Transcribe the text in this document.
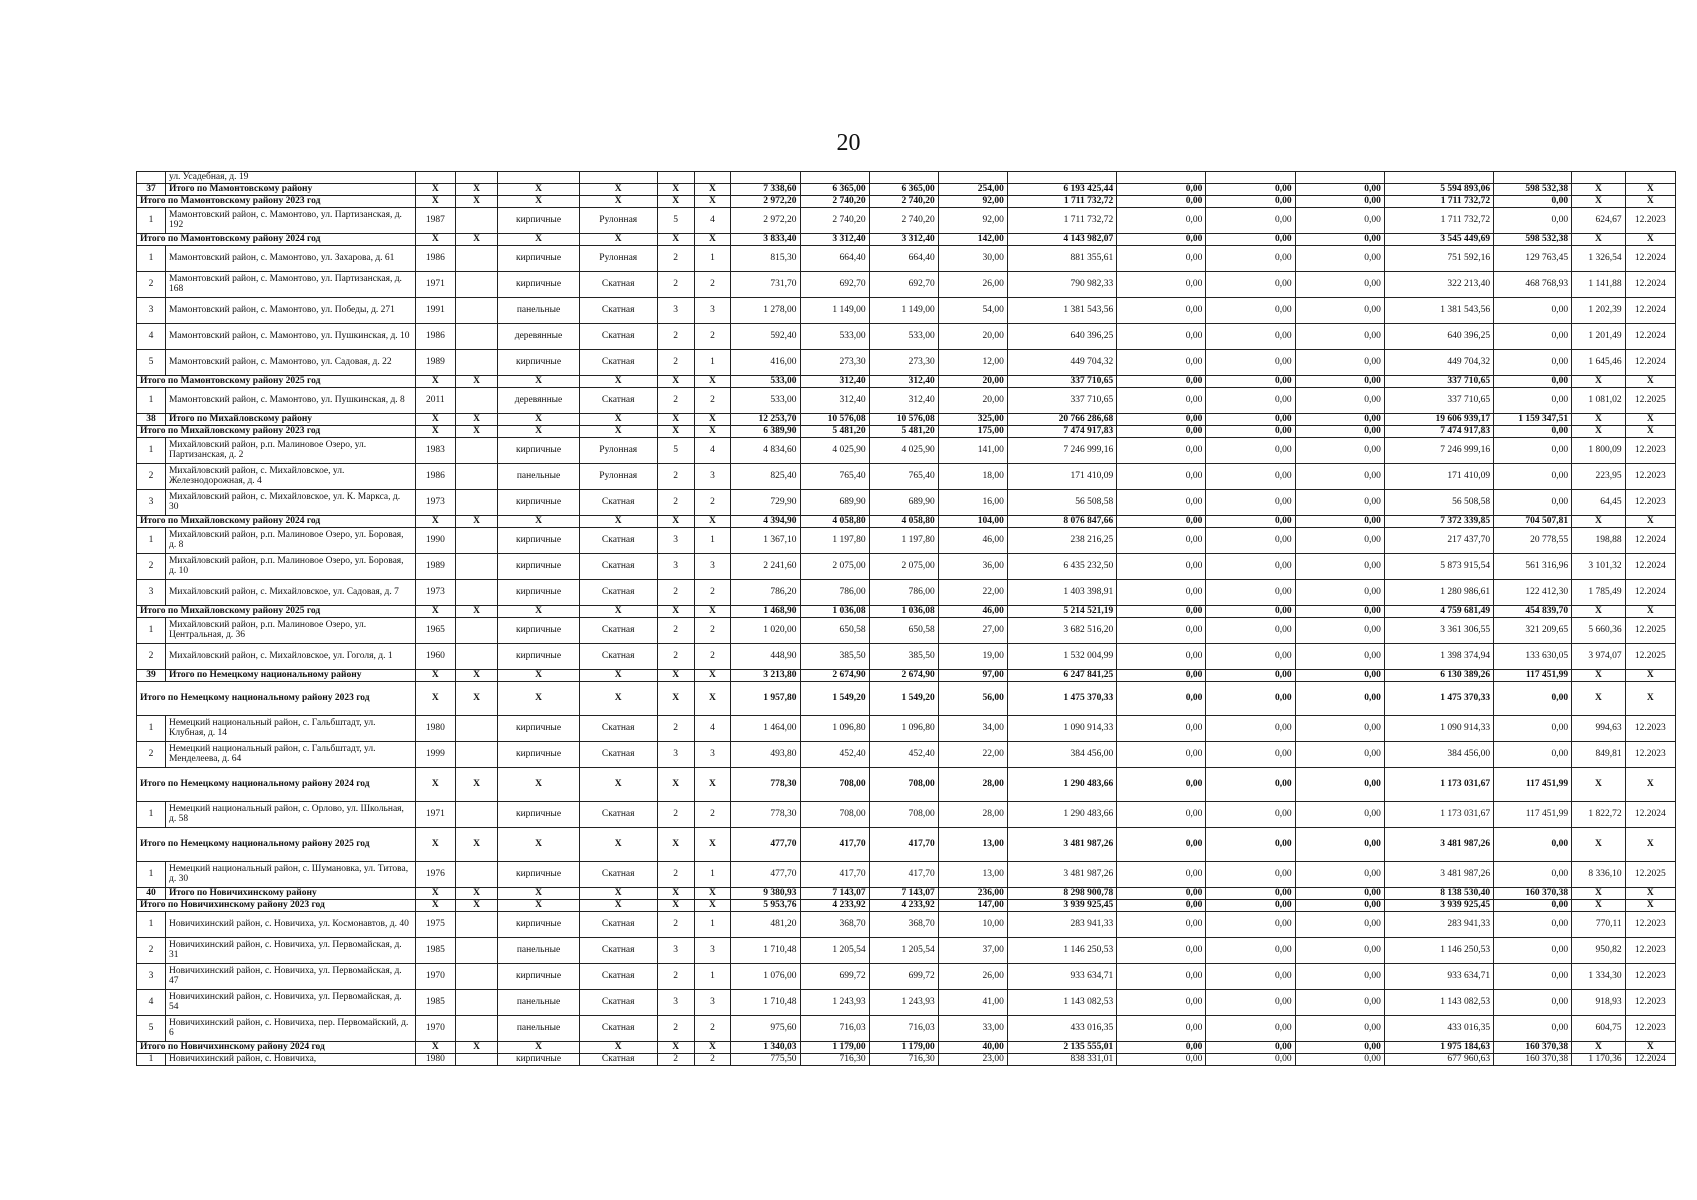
20
	ул. Усадебная, д. 19																		
37	Итого по Мамонтовскому району	X	X	X	X	X	X	7 338,60	6 365,00	6 365,00	254,00	6 193 425,44	0,00	0,00	0,00	5 594 893,06	598 532,38	X	X
Итого по Мамонтовскому району 2023 год		X	X	X	X	X	X	2 972,20	2 740,20	2 740,20	92,00	1 711 732,72	0,00	0,00	0,00	1 711 732,72	0,00	X	X
1	Мамонтовский район, с. Мамонтово, ул. Партизанская, д. 192	1987		кирпичные	Рулонная	5	4	2 972,20	2 740,20	2 740,20	92,00	1 711 732,72	0,00	0,00	0,00	1 711 732,72	0,00	624,67	12.2023
Итого по Мамонтовскому району 2024 год		X	X	X	X	X	X	3 833,40	3 312,40	3 312,40	142,00	4 143 982,07	0,00	0,00	0,00	3 545 449,69	598 532,38	X	X
1	Мамонтовский район, с. Мамонтово, ул. Захарова, д. 61	1986		кирпичные	Рулонная	2	1	815,30	664,40	664,40	30,00	881 355,61	0,00	0,00	0,00	751 592,16	129 763,45	1 326,54	12.2024
2	Мамонтовский район, с. Мамонтово, ул. Партизанская, д. 168	1971		кирпичные	Скатная	2	2	731,70	692,70	692,70	26,00	790 982,33	0,00	0,00	0,00	322 213,40	468 768,93	1 141,88	12.2024
3	Мамонтовский район, с. Мамонтово, ул. Победы, д. 271	1991		панельные	Скатная	3	3	1 278,00	1 149,00	1 149,00	54,00	1 381 543,56	0,00	0,00	0,00	1 381 543,56	0,00	1 202,39	12.2024
4	Мамонтовский район, с. Мамонтово, ул. Пушкинская, д. 10	1986		деревянные	Скатная	2	2	592,40	533,00	533,00	20,00	640 396,25	0,00	0,00	0,00	640 396,25	0,00	1 201,49	12.2024
5	Мамонтовский район, с. Мамонтово, ул. Садовая, д. 22	1989		кирпичные	Скатная	2	1	416,00	273,30	273,30	12,00	449 704,32	0,00	0,00	0,00	449 704,32	0,00	1 645,46	12.2024
Итого по Мамонтовскому району 2025 год		X	X	X	X	X	X	533,00	312,40	312,40	20,00	337 710,65	0,00	0,00	0,00	337 710,65	0,00	X	X
1	Мамонтовский район, с. Мамонтово, ул. Пушкинская, д. 8	2011		деревянные	Скатная	2	2	533,00	312,40	312,40	20,00	337 710,65	0,00	0,00	0,00	337 710,65	0,00	1 081,02	12.2025
38	Итого по Михайловскому району	X	X	X	X	X	X	12 253,70	10 576,08	10 576,08	325,00	20 766 286,68	0,00	0,00	0,00	19 606 939,17	1 159 347,51	X	X
Итого по Михайловскому району 2023 год		X	X	X	X	X	X	6 389,90	5 481,20	5 481,20	175,00	7 474 917,83	0,00	0,00	0,00	7 474 917,83	0,00	X	X
1	Михайловский район, р.п. Малиновое Озеро, ул. Партизанская, д. 2	1983		кирпичные	Рулонная	5	4	4 834,60	4 025,90	4 025,90	141,00	7 246 999,16	0,00	0,00	0,00	7 246 999,16	0,00	1 800,09	12.2023
2	Михайловский район, с. Михайловское, ул. Железнодорожная, д. 4	1986		панельные	Рулонная	2	3	825,40	765,40	765,40	18,00	171 410,09	0,00	0,00	0,00	171 410,09	0,00	223,95	12.2023
3	Михайловский район, с. Михайловское, ул. К. Маркса, д. 30	1973		кирпичные	Скатная	2	2	729,90	689,90	689,90	16,00	56 508,58	0,00	0,00	0,00	56 508,58	0,00	64,45	12.2023
Итого по Михайловскому району 2024 год		X	X	X	X	X	X	4 394,90	4 058,80	4 058,80	104,00	8 076 847,66	0,00	0,00	0,00	7 372 339,85	704 507,81	X	X
1	Михайловский район, р.п. Малиновое Озеро, ул. Боровая, д. 8	1990		кирпичные	Скатная	3	1	1 367,10	1 197,80	1 197,80	46,00	238 216,25	0,00	0,00	0,00	217 437,70	20 778,55	198,88	12.2024
2	Михайловский район, р.п. Малиновое Озеро, ул. Боровая, д. 10	1989		кирпичные	Скатная	3	3	2 241,60	2 075,00	2 075,00	36,00	6 435 232,50	0,00	0,00	0,00	5 873 915,54	561 316,96	3 101,32	12.2024
3	Михайловский район, с. Михайловское, ул. Садовая, д. 7	1973		кирпичные	Скатная	2	2	786,20	786,00	786,00	22,00	1 403 398,91	0,00	0,00	0,00	1 280 986,61	122 412,30	1 785,49	12.2024
Итого по Михайловскому району 2025 год		X	X	X	X	X	X	1 468,90	1 036,08	1 036,08	46,00	5 214 521,19	0,00	0,00	0,00	4 759 681,49	454 839,70	X	X
1	Михайловский район, р.п. Малиновое Озеро, ул. Центральная, д. 36	1965		кирпичные	Скатная	2	2	1 020,00	650,58	650,58	27,00	3 682 516,20	0,00	0,00	0,00	3 361 306,55	321 209,65	5 660,36	12.2025
2	Михайловский район, с. Михайловское, ул. Гоголя, д. 1	1960		кирпичные	Скатная	2	2	448,90	385,50	385,50	19,00	1 532 004,99	0,00	0,00	0,00	1 398 374,94	133 630,05	3 974,07	12.2025
39	Итого по Немецкому национальному району	X	X	X	X	X	X	3 213,80	2 674,90	2 674,90	97,00	6 247 841,25	0,00	0,00	0,00	6 130 389,26	117 451,99	X	X
Итого по Немецкому национальному району 2023 год		X	X	X	X	X	X	1 957,80	1 549,20	1 549,20	56,00	1 475 370,33	0,00	0,00	0,00	1 475 370,33	0,00	X	X
1	Немецкий национальный район, с. Гальбштадт, ул. Клубная, д. 14	1980		кирпичные	Скатная	2	4	1 464,00	1 096,80	1 096,80	34,00	1 090 914,33	0,00	0,00	0,00	1 090 914,33	0,00	994,63	12.2023
2	Немецкий национальный район, с. Гальбштадт, ул. Менделеева, д. 64	1999		кирпичные	Скатная	3	3	493,80	452,40	452,40	22,00	384 456,00	0,00	0,00	0,00	384 456,00	0,00	849,81	12.2023
Итого по Немецкому национальному району 2024 год		X	X	X	X	X	X	778,30	708,00	708,00	28,00	1 290 483,66	0,00	0,00	0,00	1 173 031,67	117 451,99	X	X
1	Немецкий национальный район, с. Орлово, ул. Школьная, д. 58	1971		кирпичные	Скатная	2	2	778,30	708,00	708,00	28,00	1 290 483,66	0,00	0,00	0,00	1 173 031,67	117 451,99	1 822,72	12.2024
Итого по Немецкому национальному району 2025 год		X	X	X	X	X	X	477,70	417,70	417,70	13,00	3 481 987,26	0,00	0,00	0,00	3 481 987,26	0,00	X	X
1	Немецкий национальный район, с. Шумановка, ул. Титова, д. 30	1976		кирпичные	Скатная	2	1	477,70	417,70	417,70	13,00	3 481 987,26	0,00	0,00	0,00	3 481 987,26	0,00	8 336,10	12.2025
40	Итого по Новичихинскому району	X	X	X	X	X	X	9 380,93	7 143,07	7 143,07	236,00	8 298 900,78	0,00	0,00	0,00	8 138 530,40	160 370,38	X	X
Итого по Новичихинскому району 2023 год		X	X	X	X	X	X	5 953,76	4 233,92	4 233,92	147,00	3 939 925,45	0,00	0,00	0,00	3 939 925,45	0,00	X	X
1	Новичихинский район, с. Новичиха, ул. Космонавтов, д. 40	1975		кирпичные	Скатная	2	1	481,20	368,70	368,70	10,00	283 941,33	0,00	0,00	0,00	283 941,33	0,00	770,11	12.2023
2	Новичихинский район, с. Новичиха, ул. Первомайская, д. 31	1985		панельные	Скатная	3	3	1 710,48	1 205,54	1 205,54	37,00	1 146 250,53	0,00	0,00	0,00	1 146 250,53	0,00	950,82	12.2023
3	Новичихинский район, с. Новичиха, ул. Первомайская, д. 47	1970		кирпичные	Скатная	2	1	1 076,00	699,72	699,72	26,00	933 634,71	0,00	0,00	0,00	933 634,71	0,00	1 334,30	12.2023
4	Новичихинский район, с. Новичиха, ул. Первомайская, д. 54	1985		панельные	Скатная	3	3	1 710,48	1 243,93	1 243,93	41,00	1 143 082,53	0,00	0,00	0,00	1 143 082,53	0,00	918,93	12.2023
5	Новичихинский район, с. Новичиха, пер. Первомайский, д. 6	1970		панельные	Скатная	2	2	975,60	716,03	716,03	33,00	433 016,35	0,00	0,00	0,00	433 016,35	0,00	604,75	12.2023
Итого по Новичихинскому району 2024 год		X	X	X	X	X	X	1 340,03	1 179,00	1 179,00	40,00	2 135 555,01	0,00	0,00	0,00	1 975 184,63	160 370,38	X	X
1	Новичихинский район, с. Новичиха,	1980		кирпичные	Скатная	2	2	775,50	716,30	716,30	23,00	838 331,01	0,00	0,00	0,00	677 960,63	160 370,38	1 170,36	12.2024
